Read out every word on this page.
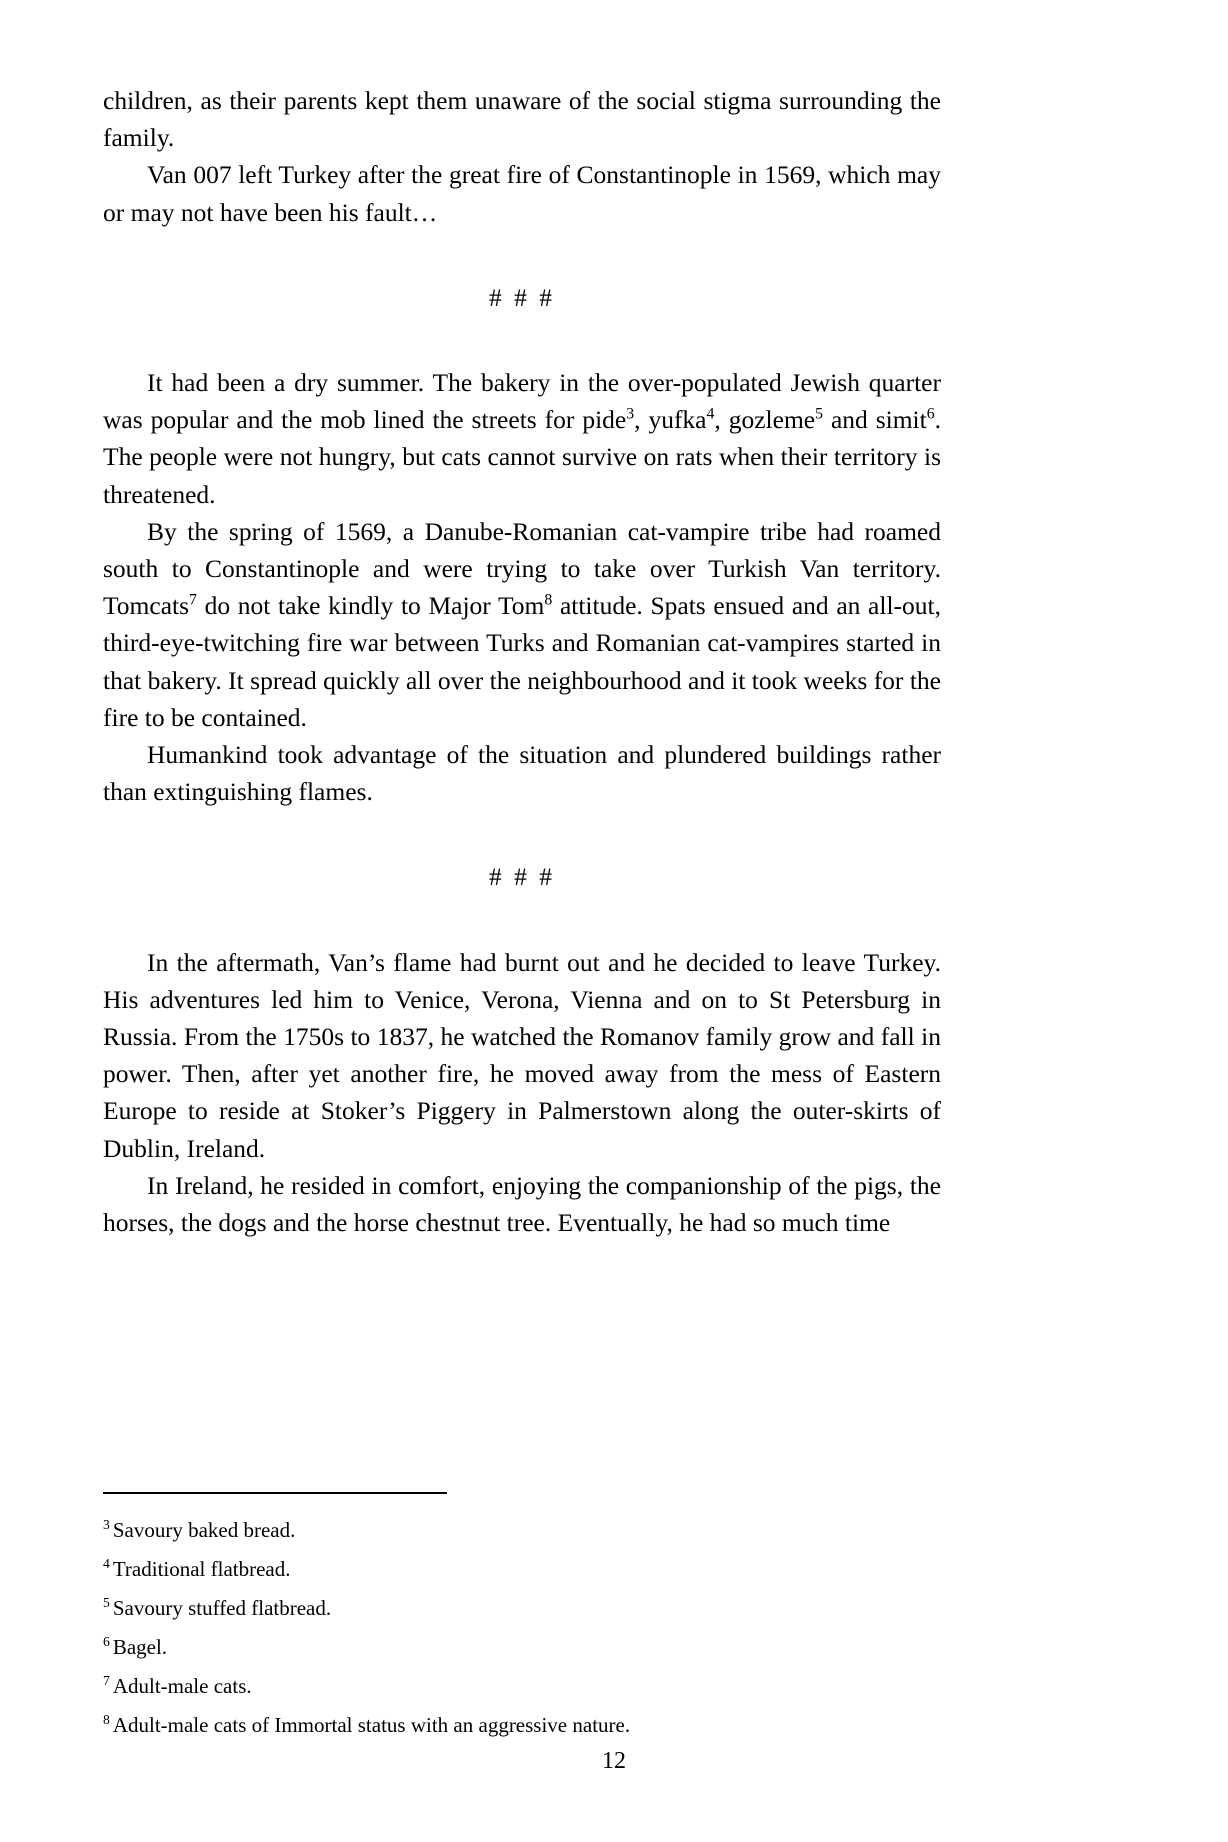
children, as their parents kept them unaware of the social stigma surrounding the family.

Van 007 left Turkey after the great fire of Constantinople in 1569, which may or may not have been his fault…

# # #

It had been a dry summer. The bakery in the over-populated Jewish quarter was popular and the mob lined the streets for pide$^3$, yufka$^4$, gozleme$^5$ and simit$^6$. The people were not hungry, but cats cannot survive on rats when their territory is threatened.

By the spring of 1569, a Danube-Romanian cat-vampire tribe had roamed south to Constantinople and were trying to take over Turkish Van territory. Tomcats$^7$ do not take kindly to Major Tom$^8$ attitude. Spats ensued and an all-out, third-eye-twitching fire war between Turks and Romanian cat-vampires started in that bakery. It spread quickly all over the neighbourhood and it took weeks for the fire to be contained.

Humankind took advantage of the situation and plundered buildings rather than extinguishing flames.

# # #

In the aftermath, Van’s flame had burnt out and he decided to leave Turkey. His adventures led him to Venice, Verona, Vienna and on to St Petersburg in Russia. From the 1750s to 1837, he watched the Romanov family grow and fall in power. Then, after yet another fire, he moved away from the mess of Eastern Europe to reside at Stoker’s Piggery in Palmerstown along the outer-skirts of Dublin, Ireland.

In Ireland, he resided in comfort, enjoying the companionship of the pigs, the horses, the dogs and the horse chestnut tree. Eventually, he had so much time

$^3$ Savoury baked bread.

$^4$ Traditional flatbread.

$^5$ Savoury stuffed flatbread.

$^6$ Bagel.

$^7$ Adult-male cats.

$^8$ Adult-male cats of Immortal status with an aggressive nature.

12
